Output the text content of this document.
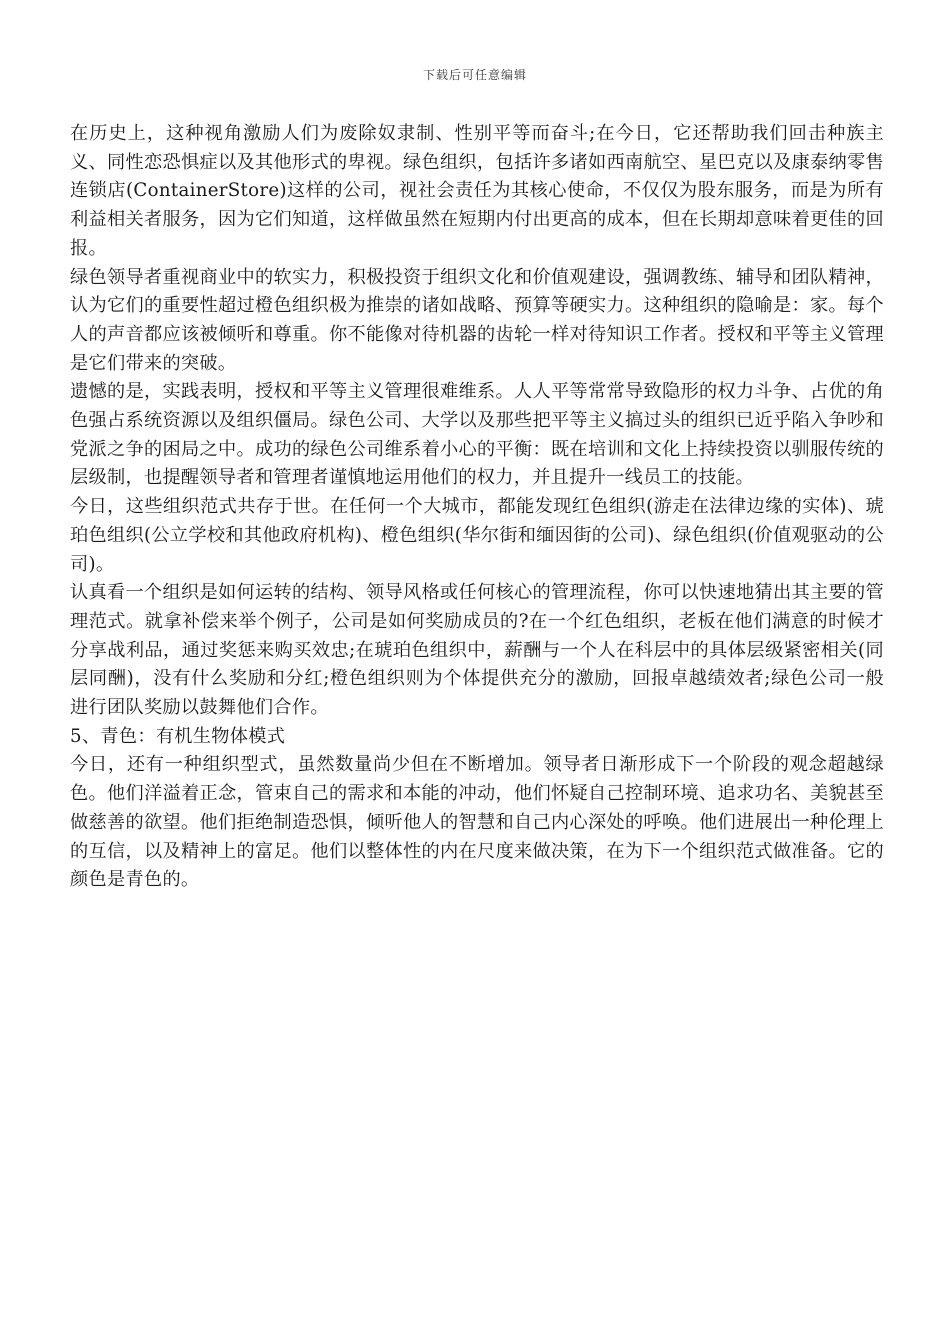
下载后可任意编辑

在历史上，这种视角激励人们为废除奴隶制、性别平等而奋斗;在今日，它还帮助我们回击种族主义、同性恋恐惧症以及其他形式的卑视。绿色组织，包括许多诸如西南航空、星巴克以及康泰纳零售连锁店(ContainerStore)这样的公司，视社会责任为其核心使命，不仅仅为股东服务，而是为所有利益相关者服务，因为它们知道，这样做虽然在短期内付出更高的成本，但在长期却意味着更佳的回报。

绿色领导者重视商业中的软实力，积极投资于组织文化和价值观建设，强调教练、辅导和团队精神，认为它们的重要性超过橙色组织极为推崇的诸如战略、预算等硬实力。这种组织的隐喻是：家。每个人的声音都应该被倾听和尊重。你不能像对待机器的齿轮一样对待知识工作者。授权和平等主义管理是它们带来的突破。

遗憾的是，实践表明，授权和平等主义管理很难维系。人人平等常常导致隐形的权力斗争、占优的角色强占系统资源以及组织僵局。绿色公司、大学以及那些把平等主义搞过头的组织已近乎陷入争吵和党派之争的困局之中。成功的绿色公司维系着小心的平衡：既在培训和文化上持续投资以驯服传统的层级制，也提醒领导者和管理者谨慎地运用他们的权力，并且提升一线员工的技能。

今日，这些组织范式共存于世。在任何一个大城市，都能发现红色组织(游走在法律边缘的实体)、琥珀色组织(公立学校和其他政府机构)、橙色组织(华尔街和缅因街的公司)、绿色组织(价值观驱动的公司)。

认真看一个组织是如何运转的结构、领导风格或任何核心的管理流程，你可以快速地猜出其主要的管理范式。就拿补偿来举个例子，公司是如何奖励成员的?在一个红色组织，老板在他们满意的时候才分享战利品，通过奖惩来购买效忠;在琥珀色组织中，薪酬与一个人在科层中的具体层级紧密相关(同层同酬)，没有什么奖励和分红;橙色组织则为个体提供充分的激励，回报卓越绩效者;绿色公司一般进行团队奖励以鼓舞他们合作。

5、青色：有机生物体模式

今日，还有一种组织型式，虽然数量尚少但在不断增加。领导者日渐形成下一个阶段的观念超越绿色。他们洋溢着正念，管束自己的需求和本能的冲动，他们怀疑自己控制环境、追求功名、美貌甚至做慈善的欲望。他们拒绝制造恐惧，倾听他人的智慧和自己内心深处的呼唤。他们进展出一种伦理上的互信，以及精神上的富足。他们以整体性的内在尺度来做决策，在为下一个组织范式做准备。它的颜色是青色的。
